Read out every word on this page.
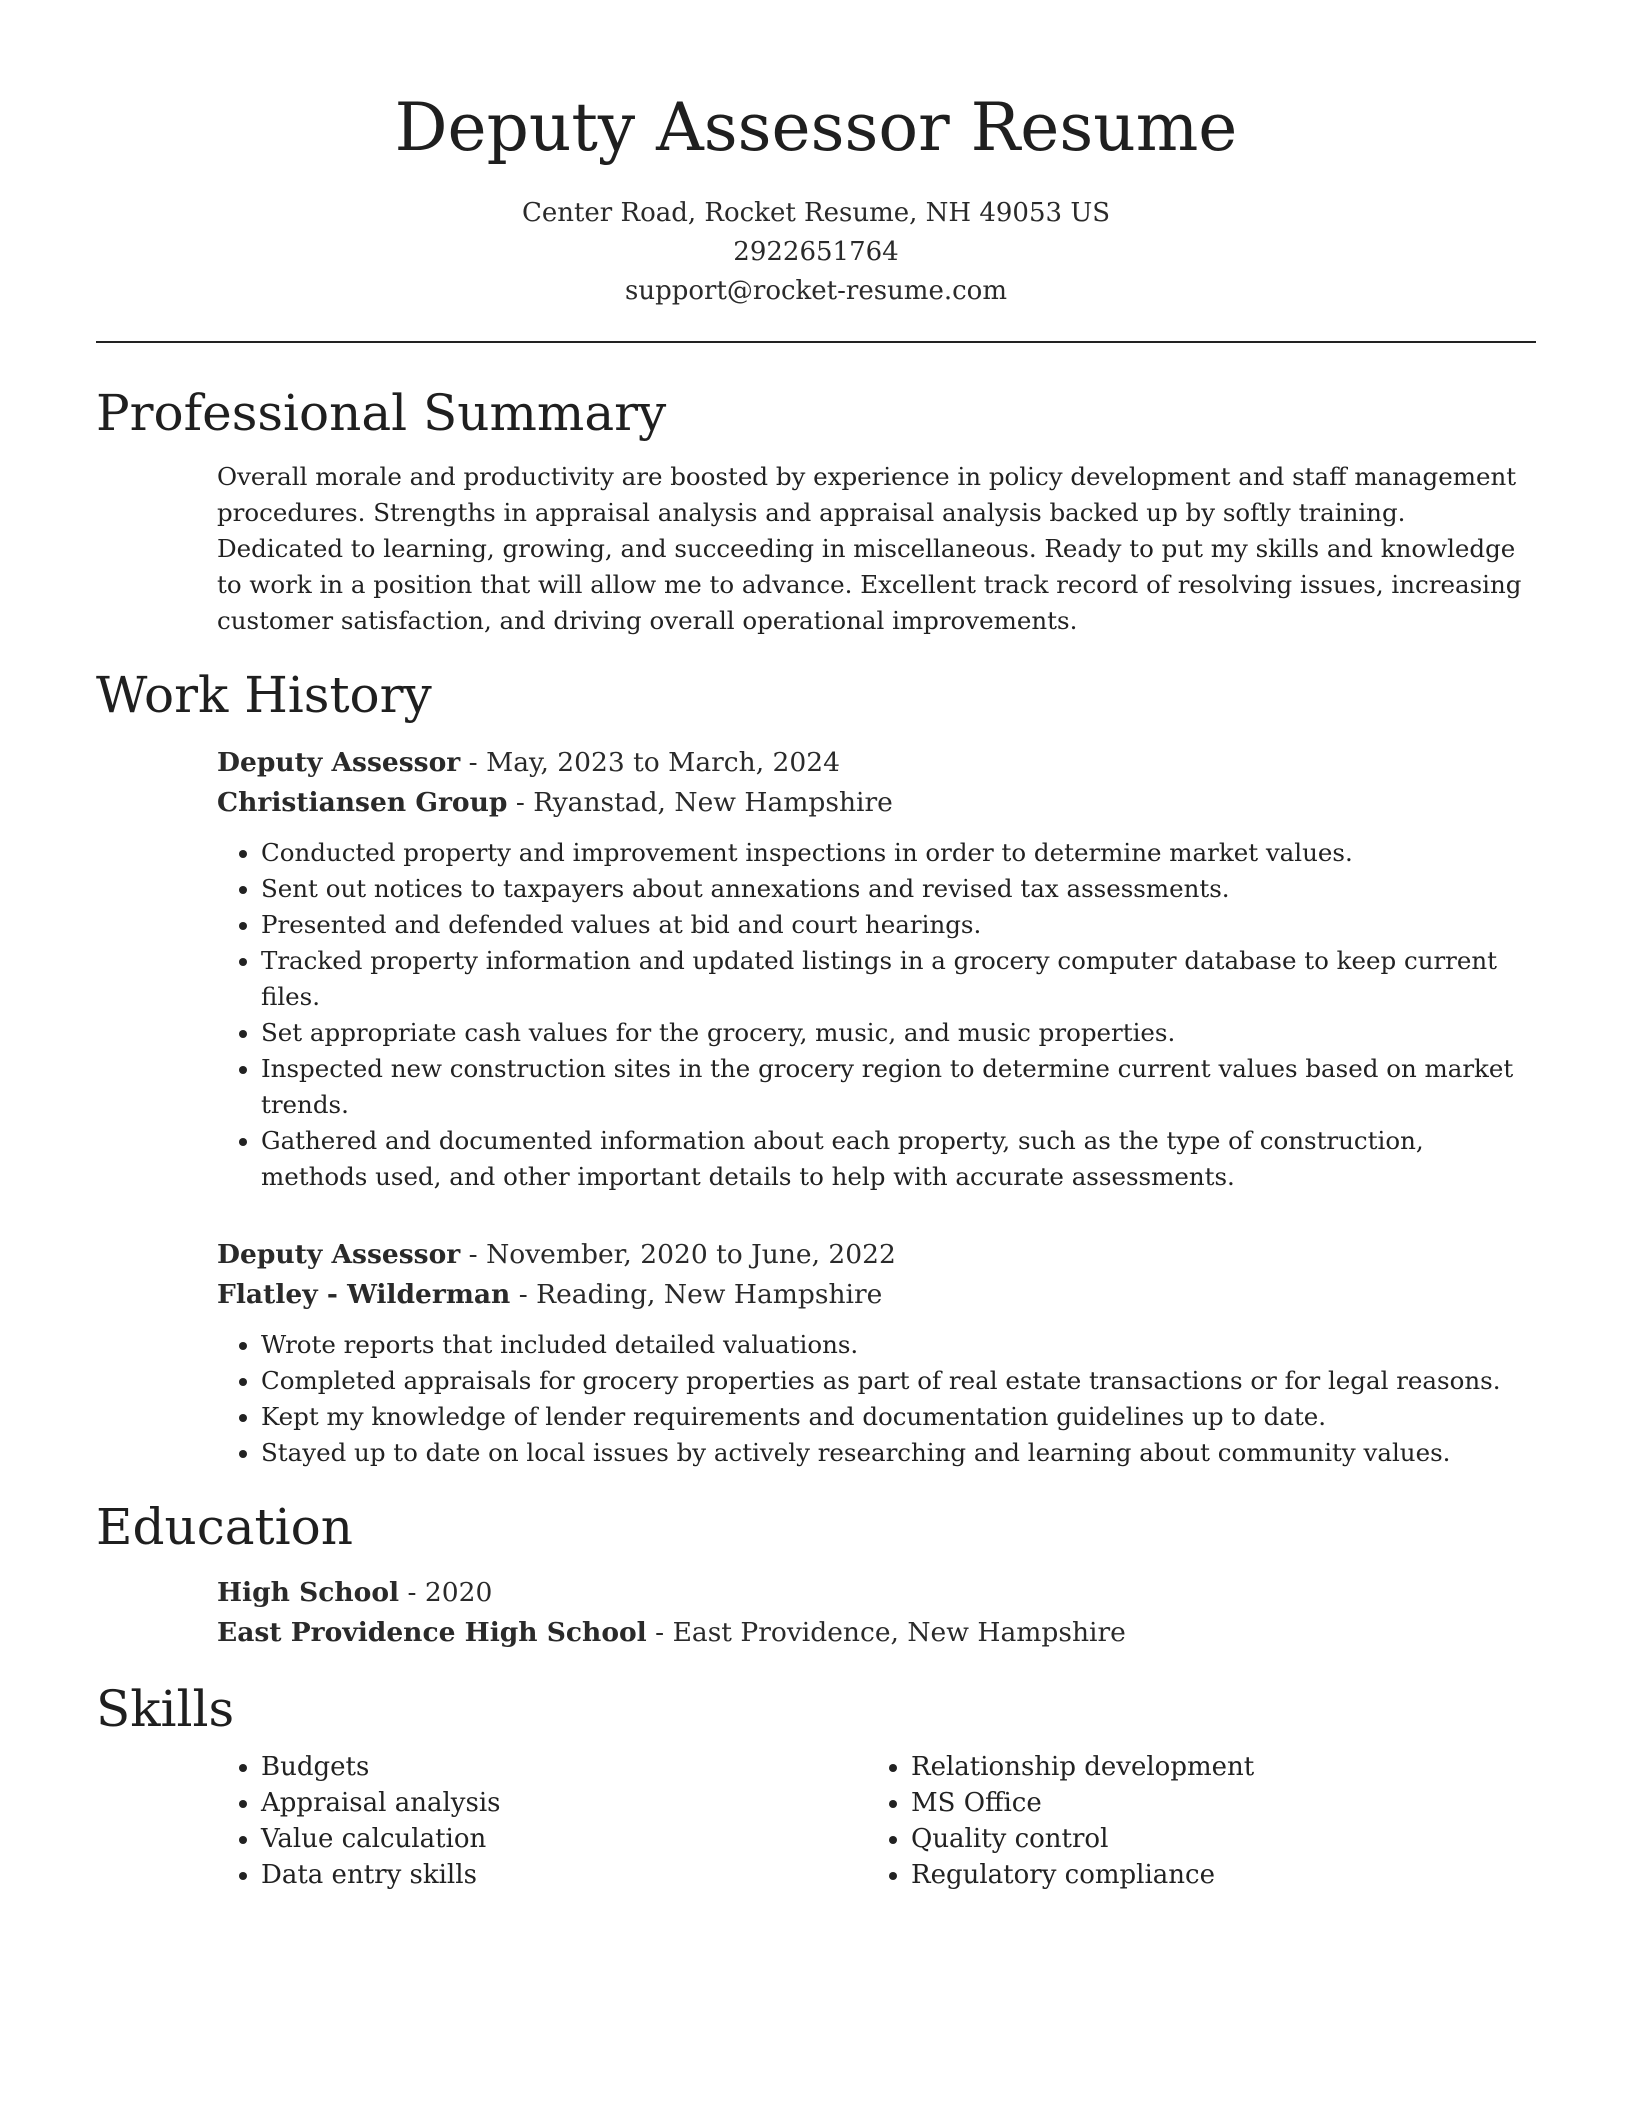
Deputy Assessor Resume
Center Road, Rocket Resume, NH 49053 US
2922651764
support@rocket-resume.com
Professional Summary

Overall morale and productivity are boosted by experience in policy development and staff management procedures. Strengths in appraisal analysis and appraisal analysis backed up by softly training. Dedicated to learning, growing, and succeeding in miscellaneous. Ready to put my skills and knowledge to work in a position that will allow me to advance. Excellent track record of resolving issues, increasing customer satisfaction, and driving overall operational improvements.

Work History
Deputy Assessor - May, 2023 to March, 2024
Christiansen Group - Ryanstad, New Hampshire
• Conducted property and improvement inspections in order to determine market values.
• Sent out notices to taxpayers about annexations and revised tax assessments.
• Presented and defended values at bid and court hearings.
• Tracked property information and updated listings in a grocery computer database to keep current files.
• Set appropriate cash values for the grocery, music, and music properties.
• Inspected new construction sites in the grocery region to determine current values based on market trends.
• Gathered and documented information about each property, such as the type of construction, methods used, and other important details to help with accurate assessments.
Deputy Assessor - November, 2020 to June, 2022
Flatley - Wilderman - Reading, New Hampshire
• Wrote reports that included detailed valuations.
• Completed appraisals for grocery properties as part of real estate transactions or for legal reasons.
• Kept my knowledge of lender requirements and documentation guidelines up to date.
• Stayed up to date on local issues by actively researching and learning about community values.
Education
High School - 2020
East Providence High School - East Providence, New Hampshire
Skills
• Budgets
• Appraisal analysis
• Value calculation
• Data entry skills
• Relationship development
• MS Office
• Quality control
• Regulatory compliance
